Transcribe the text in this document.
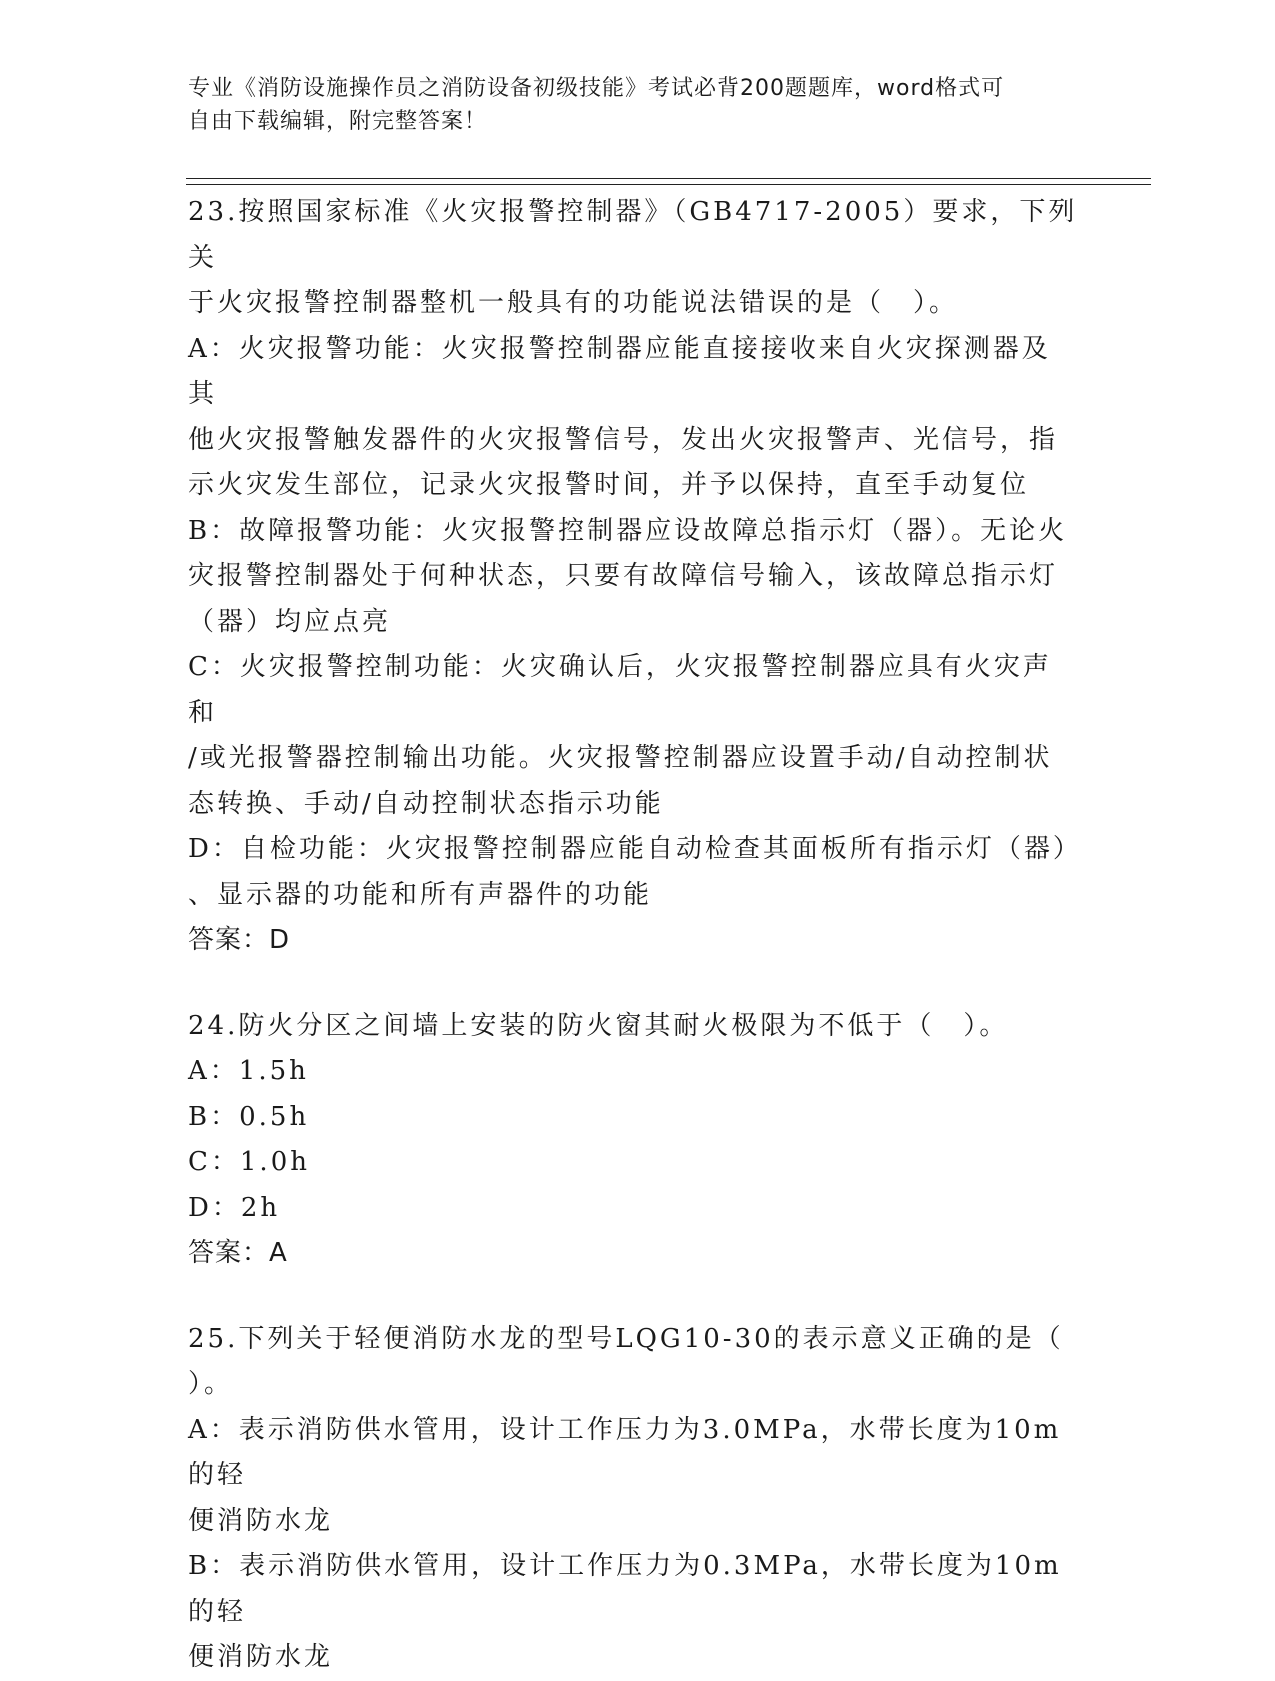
专业《消防设施操作员之消防设备初级技能》考试必背200题题库，word格式可
自由下载编辑，附完整答案！

23.按照国家标准《火灾报警控制器》（GB4717-2005）要求，下列关

于火灾报警控制器整机一般具有的功能说法错误的是（　）。

A：火灾报警功能：火灾报警控制器应能直接接收来自火灾探测器及其

他火灾报警触发器件的火灾报警信号，发出火灾报警声、光信号，指

示火灾发生部位，记录火灾报警时间，并予以保持，直至手动复位

B：故障报警功能：火灾报警控制器应设故障总指示灯（器）。无论火

灾报警控制器处于何种状态，只要有故障信号输入，该故障总指示灯

（器）均应点亮

C：火灾报警控制功能：火灾确认后，火灾报警控制器应具有火灾声和

/或光报警器控制输出功能。火灾报警控制器应设置手动/自动控制状

态转换、手动/自动控制状态指示功能

D：自检功能：火灾报警控制器应能自动检查其面板所有指示灯（器）

、显示器的功能和所有声器件的功能

答案：D

24.防火分区之间墙上安装的防火窗其耐火极限为不低于（　）。

A：1.5h

B：0.5h

C：1.0h

D：2h

答案：A

25.下列关于轻便消防水龙的型号LQG10-30的表示意义正确的是（

）。

A：表示消防供水管用，设计工作压力为3.0MPa，水带长度为10m的轻

便消防水龙

B：表示消防供水管用，设计工作压力为0.3MPa，水带长度为10m的轻

便消防水龙
